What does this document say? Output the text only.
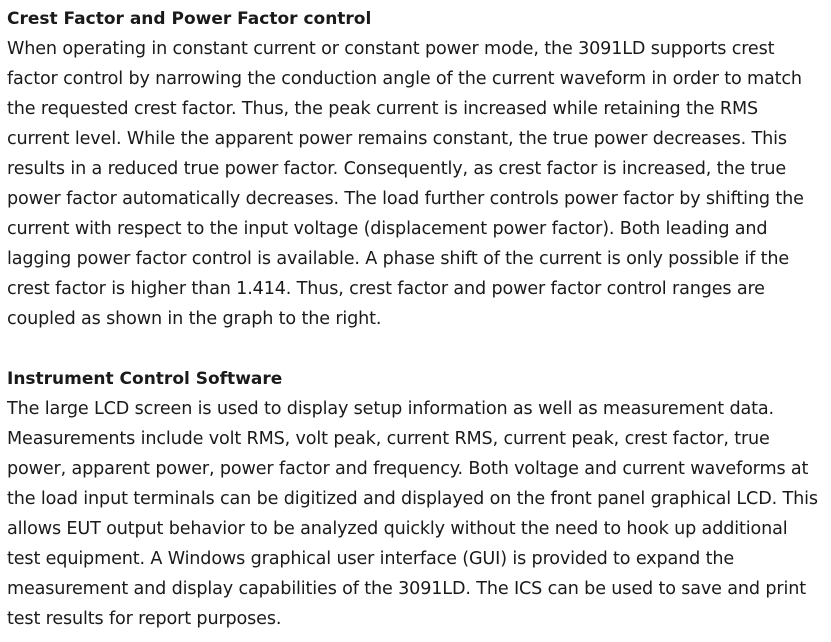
Crest Factor and Power Factor control

When operating in constant current or constant power mode, the 3091LD supports crest
factor control by narrowing the conduction angle of the current waveform in order to match
the requested crest factor. Thus, the peak current is increased while retaining the RMS
current level. While the apparent power remains constant, the true power decreases. This
results in a reduced true power factor. Consequently, as crest factor is increased, the true
power factor automatically decreases. The load further controls power factor by shifting the
current with respect to the input voltage (displacement power factor). Both leading and
lagging power factor control is available. A phase shift of the current is only possible if the
crest factor is higher than 1.414. Thus, crest factor and power factor control ranges are
coupled as shown in the graph to the right.

Instrument Control Software

The large LCD screen is used to display setup information as well as measurement data.
Measurements include volt RMS, volt peak, current RMS, current peak, crest factor, true
power, apparent power, power factor and frequency. Both voltage and current waveforms at
the load input terminals can be digitized and displayed on the front panel graphical LCD. This
allows EUT output behavior to be analyzed quickly without the need to hook up additional
test equipment. A Windows graphical user interface (GUI) is provided to expand the
measurement and display capabilities of the 3091LD. The ICS can be used to save and print
test results for report purposes.
